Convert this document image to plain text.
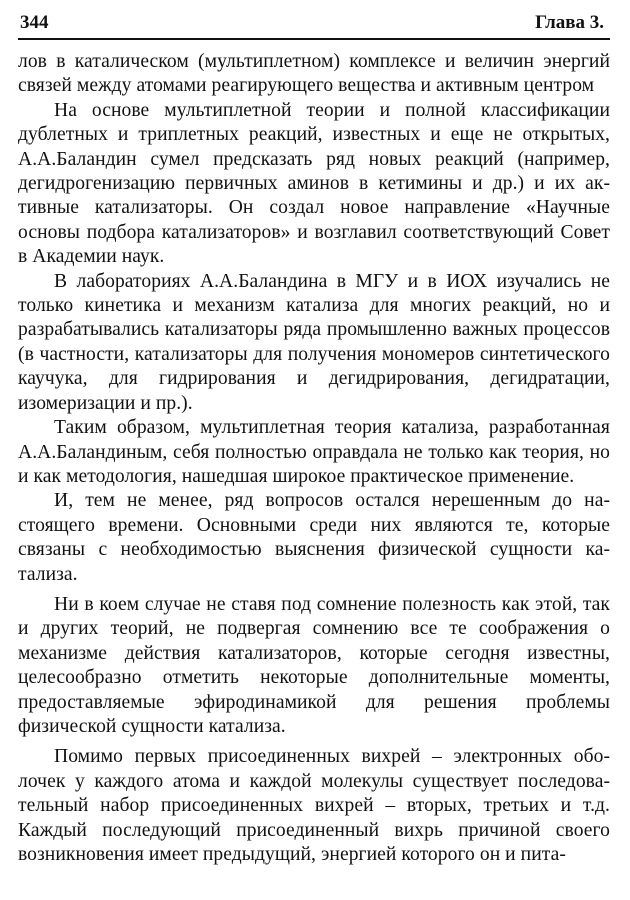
344	Глава 3.

лов в каталическом (мультиплетном) комплексе и величин энергий связей между атомами реагирующего вещества и активным центром

На основе мультиплетной теории и полной классификации дублетных и триплетных реакций, известных и еще не открытых, А.А.Баландин сумел предсказать ряд новых реакций (например, дегидрогенизацию первичных аминов в кетимины и др.) и их активные катализаторы. Он создал новое направление «Научные основы подбора катализаторов» и возглавил соответствующий Совет в Академии наук.

В лабораториях А.А.Баландина в МГУ и в ИОХ изучались не только кинетика и механизм катализа для многих реакций, но и разрабатывались катализаторы ряда промышленно важных процессов (в частности, катализаторы для получения мономеров синтетического каучука, для гидрирования и дегидрирования, дегидратации, изомеризации и пр.).

Таким образом, мультиплетная теория катализа, разработанная А.А.Баландиным, себя полностью оправдала не только как теория, но и как методология, нашедшая широкое практическое применение.

И, тем не менее, ряд вопросов остался нерешенным до настоящего времени. Основными среди них являются те, которые связаны с необходимостью выяснения физической сущности катализа.

Ни в коем случае не ставя под сомнение полезность как этой, так и других теорий, не подвергая сомнению все те соображения о механизме действия катализаторов, которые сегодня известны, целесообразно отметить некоторые дополнительные моменты, предоставляемые эфиродинамикой для решения проблемы физической сущности катализа.

Помимо первых присоединенных вихрей – электронных оболочек у каждого атома и каждой молекулы существует последовательный набор присоединенных вихрей – вторых, третьих и т.д. Каждый последующий присоединенный вихрь причиной своего возникновения имеет предыдущий, энергией которого он и пита-
